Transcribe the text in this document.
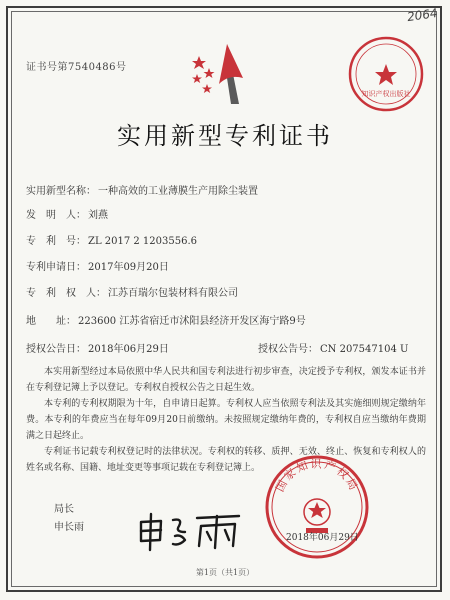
2064
证书号第7540486号
知识产权出版社
实用新型专利证书
实用新型名称： 一种高效的工业薄膜生产用除尘装置
发　明　人： 刘燕
专　利　号： ZL 2017 2 1203556.6
专利申请日： 2017年09月20日
专　利　权　人： 江苏百瑞尔包装材料有限公司
地　　址： 223600 江苏省宿迁市沭阳县经济开发区海宁路9号
授权公告日： 2018年06月29日	授权公告号： CN 207547104 U

本实用新型经过本局依照中华人民共和国专利法进行初步审查，决定授予专利权，颁发本证书并在专利登记簿上予以登记。专利权自授权公告之日起生效。

本专利的专利权期限为十年，自申请日起算。专利权人应当依照专利法及其实施细则规定缴纳年费。本专利的年费应当在每年09月20日前缴纳。未按照规定缴纳年费的，专利权自应当缴纳年费期满之日起终止。

专利证书记载专利权登记时的法律状况。专利权的转移、质押、无效、终止、恢复和专利权人的姓名或名称、国籍、地址变更等事项记载在专利登记簿上。

局长
申长雨
国家知识产权局
2018年06月29日
第1页（共1页）
